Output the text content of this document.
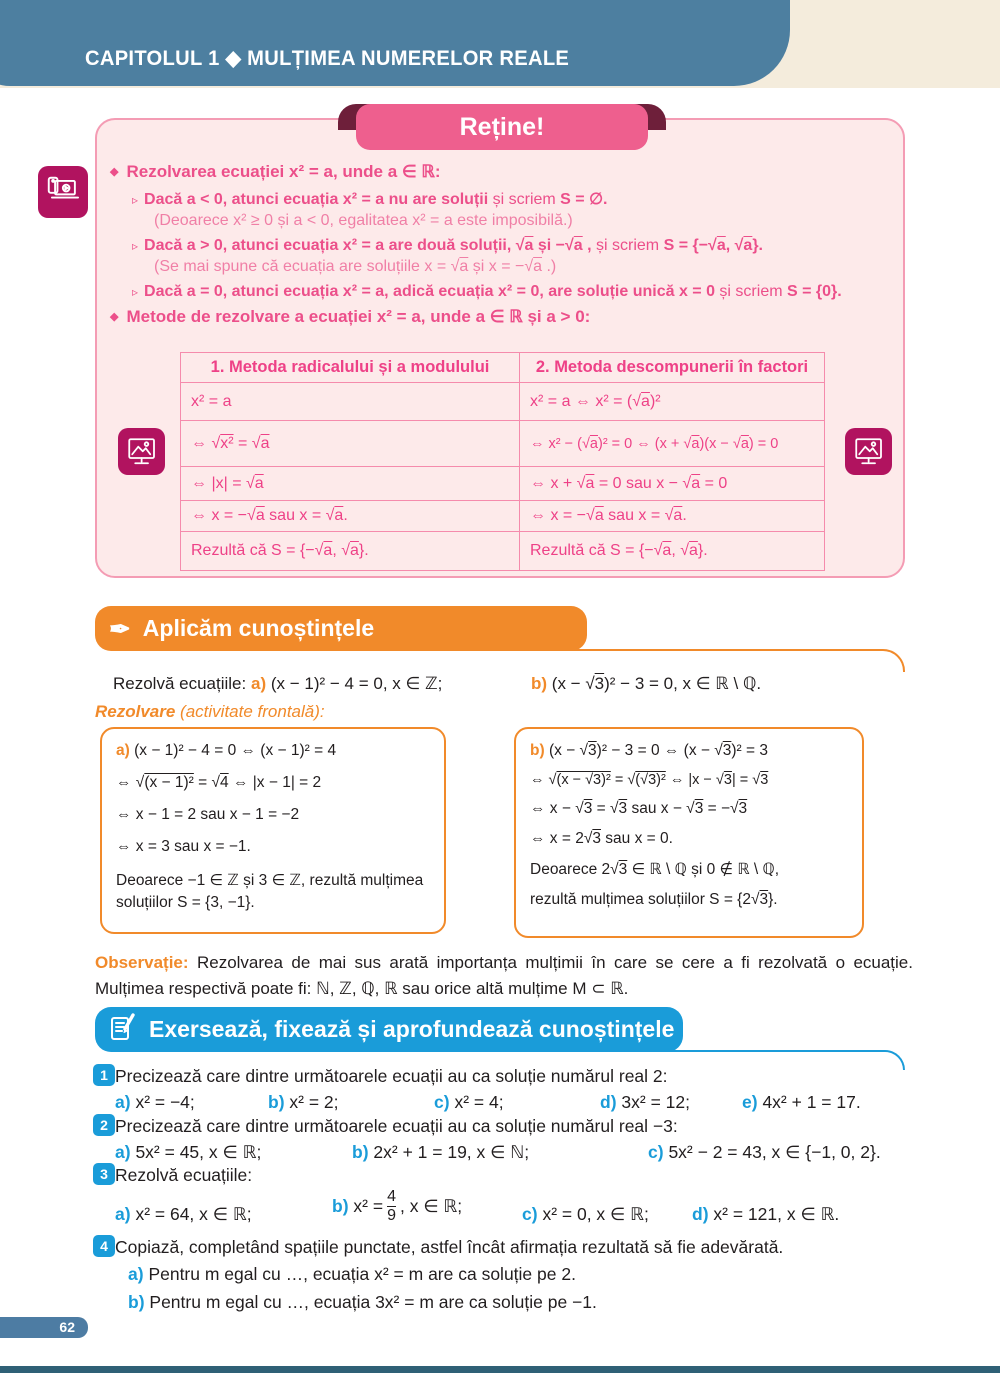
CAPITOLUL 1 ◆ MULȚIMEA NUMERELOR REALE
Reține!
◆ Rezolvarea ecuației x² = a, unde a ∈ ℝ:
▹ Dacă a < 0, atunci ecuația x² = a nu are soluții și scriem S = ∅.
(Deoarece x² ≥ 0 și a < 0, egalitatea x² = a este imposibilă.)
▹ Dacă a > 0, atunci ecuația x² = a are două soluții, √a și −√a , și scriem S = {−√a, √a}.
(Se mai spune că ecuația are soluțiile x = √a și x = −√a .)
▹ Dacă a = 0, atunci ecuația x² = a, adică ecuația x² = 0, are soluție unică x = 0 și scriem S = {0}.
◆ Metode de rezolvare a ecuației x² = a, unde a ∈ ℝ și a > 0:
1. Metoda radicalului și a modulului	2. Metoda descompunerii în factori
x² = a	x² = a ⇔ x² = (√a)²
⇔ √x² = √a	⇔ x² − (√a)² = 0 ⇔ (x + √a)(x − √a) = 0
⇔ |x| = √a	⇔ x + √a = 0 sau x − √a = 0
⇔ x = −√a sau x = √a.	⇔ x = −√a sau x = √a.
Rezultă că S = {−√a, √a}.	Rezultă că S = {−√a, √a}.
✒ Aplicăm cunoștințele
Rezolvă ecuațiile: a) (x − 1)² − 4 = 0, x ∈ ℤ;	b) (x − √3)² − 3 = 0, x ∈ ℝ \ ℚ.
Rezolvare (activitate frontală):
a) (x − 1)² − 4 = 0 ⇔ (x − 1)² = 4
⇔ √(x − 1)² = √4 ⇔ |x − 1| = 2
⇔ x − 1 = 2 sau x − 1 = −2
⇔ x = 3 sau x = −1.
Deoarece −1 ∈ ℤ și 3 ∈ ℤ, rezultă mulțimea soluțiilor S = {3, −1}.
b) (x − √3)² − 3 = 0 ⇔ (x − √3)² = 3
⇔ √(x − √3)² = √(√3)² ⇔ |x − √3| = √3
⇔ x − √3 = √3 sau x − √3 = −√3
⇔ x = 2√3 sau x = 0.
Deoarece 2√3 ∈ ℝ \ ℚ și 0 ∉ ℝ \ ℚ,
rezultă mulțimea soluțiilor S = {2√3}.
Observație: Rezolvarea de mai sus arată importanța mulțimii în care se cere a fi rezolvată o ecuație. Mulțimea respectivă poate fi: ℕ, ℤ, ℚ, ℝ sau orice altă mulțime M ⊂ ℝ.
Exersează, fixează și aprofundează cunoștințele
1 Precizează care dintre următoarele ecuații au ca soluție numărul real 2:
a) x² = −4;	b) x² = 2;	c) x² = 4;	d) 3x² = 12;	e) 4x² + 1 = 17.
2 Precizează care dintre următoarele ecuații au ca soluție numărul real −3:
a) 5x² = 45, x ∈ ℝ;	b) 2x² + 1 = 19, x ∈ ℕ;	c) 5x² − 2 = 43, x ∈ {−1, 0, 2}.
3 Rezolvă ecuațiile:
a) x² = 64, x ∈ ℝ;	b)
$x^2 = \frac{4}{9}$ , x ∈ ℝ;	c) x² = 0, x ∈ ℝ; d) x² = 121, x ∈ ℝ.
4 Copiază, completând spațiile punctate, astfel încât afirmația rezultată să fie adevărată.
a) Pentru m egal cu …, ecuația x² = m are ca soluție pe 2.
b) Pentru m egal cu …, ecuația 3x² = m are ca soluție pe −1.
62
